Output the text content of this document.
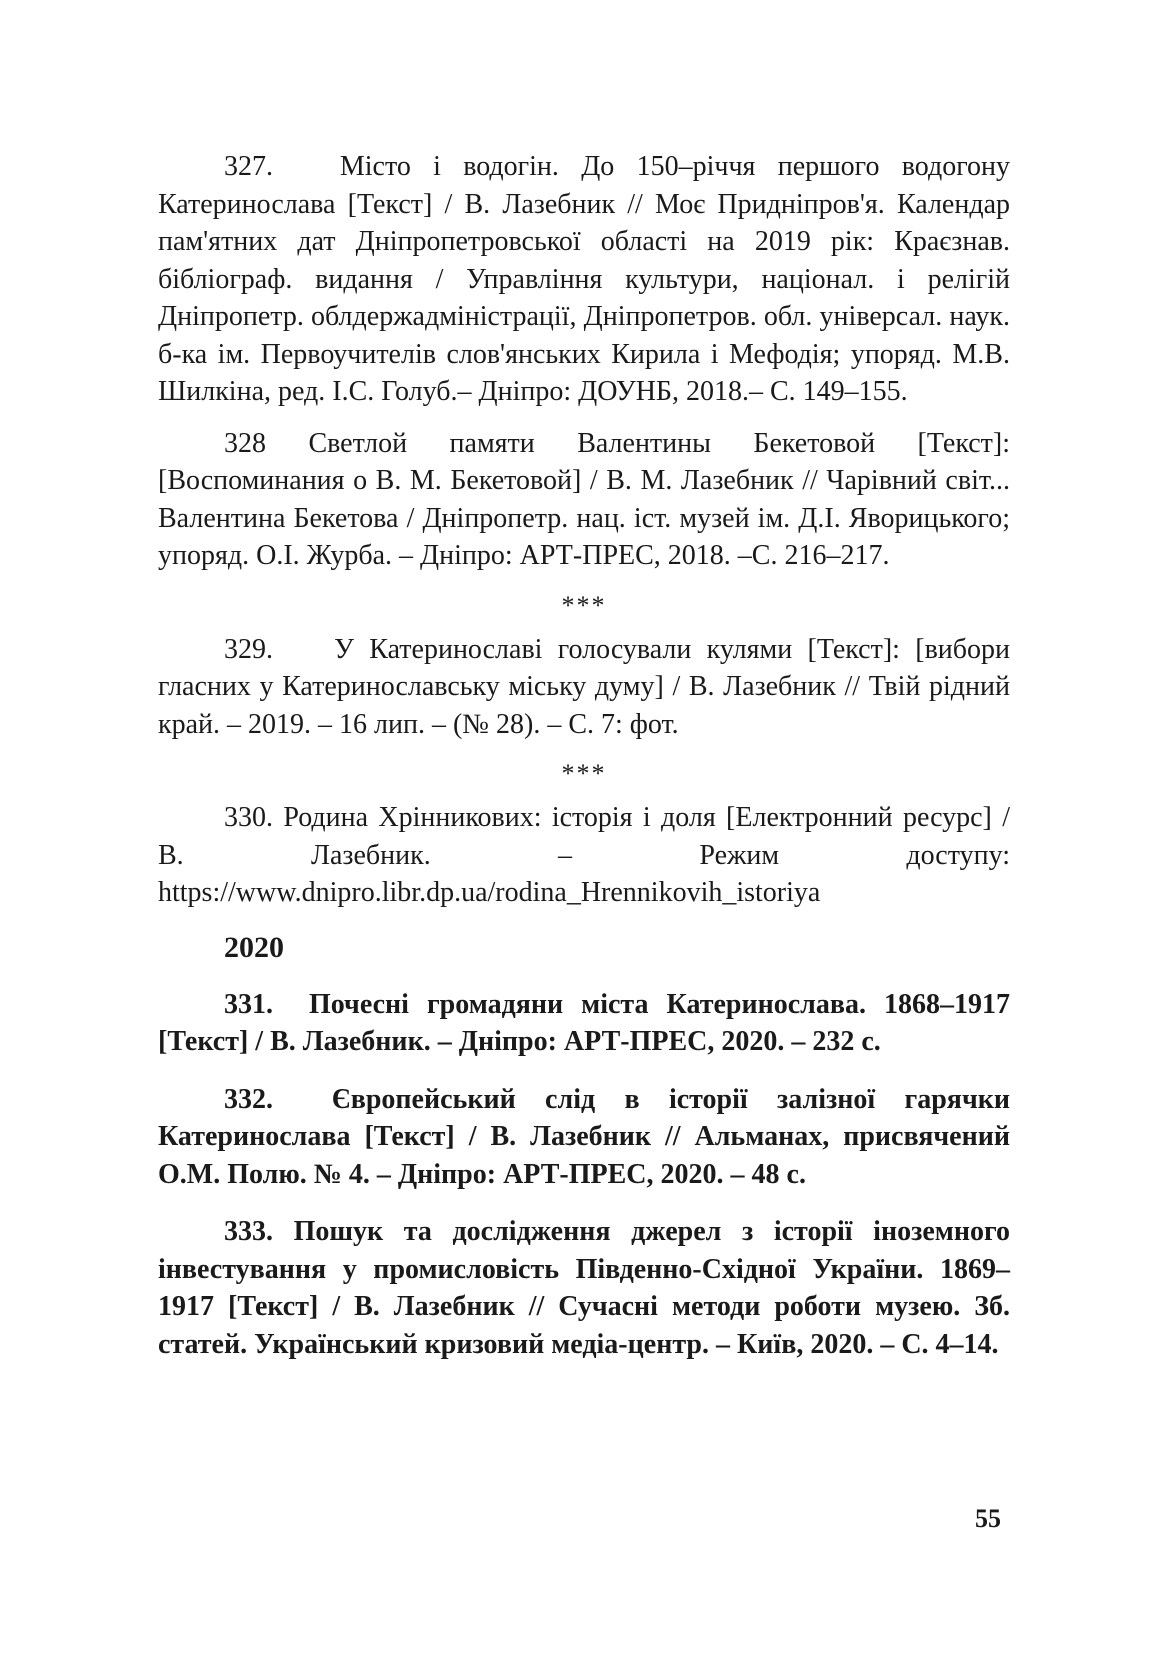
327. Місто і водогін. До 150–річчя першого водогону Катеринослава [Текст] / В. Лазебник // Моє Придніпров'я. Календар пам'ятних дат Дніпропетровської області на 2019 рік: Краєзнав. бібліограф. видання / Управління культури, націонал. і релігій Дніпропетр. облдержадміністрації, Дніпропетров. обл. універсал. наук. б-ка ім. Первоучителів слов'янських Кирила і Мефодія; упоряд. М.В. Шилкіна, ред. І.С. Голуб.– Дніпро: ДОУНБ, 2018.– С. 149–155.

328 Светлой памяти Валентины Бекетовой [Текст]: [Воспоминания о В. М. Бекетовой] / В. М. Лазебник // Чарівний світ... Валентина Бекетова / Дніпропетр. нац. іст. музей ім. Д.І. Яворицького; упоряд. О.І. Журба. – Дніпро: АРТ-ПРЕС, 2018. –С. 216–217.

***

329. У Катеринославі голосували кулями [Текст]: [вибори гласних у Катеринославську міську думу] / В. Лазебник // Твій рідний край. – 2019. – 16 лип. – (№ 28). – С. 7: фот.

***

330. Родина Хрінникових: історія і доля [Електронний ресурс] / В. Лазебник. – Режим доступу: https://www.dnipro.libr.dp.ua/rodina_Hrennikovih_istoriya

2020

331. Почесні громадяни міста Катеринослава. 1868–1917 [Текст] / В. Лазебник. – Дніпро: АРТ-ПРЕС, 2020. – 232 с.

332. Європейський слід в історії залізної гарячки Катеринослава [Текст] / В. Лазебник // Альманах, присвячений О.М. Полю. № 4. – Дніпро: АРТ-ПРЕС, 2020. – 48 с.

333. Пошук та дослідження джерел з історії іноземного інвестування у промисловість Південно-Східної України. 1869–1917 [Текст] / В. Лазебник // Сучасні методи роботи музею. Зб. статей. Український кризовий медіа-центр. – Київ, 2020. – С. 4–14.

55
